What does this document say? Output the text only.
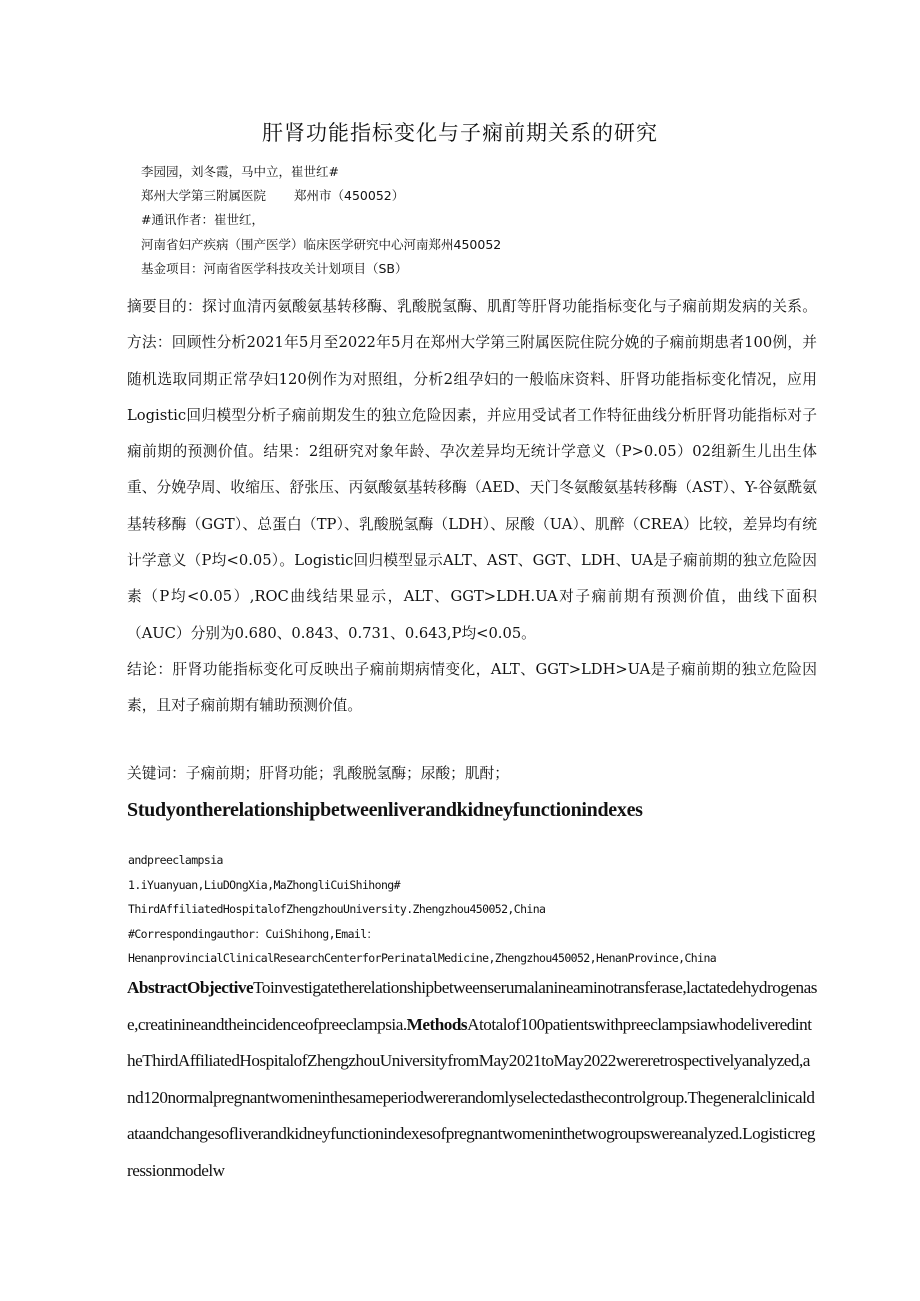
肝肾功能指标变化与子痫前期关系的研究
李园园，刘冬霞，马中立，崔世红#
郑州大学第三附属医院 郑州市（450052）
#通讯作者：崔世红，
河南省妇产疾病（围产医学）临床医学研究中心河南郑州450052
基金项目：河南省医学科技攻关计划项目（SB）

摘要目的：探讨血清丙氨酸氨基转移酶、乳酸脱氢酶、肌酊等肝肾功能指标变化与子痫前期发病的关系。方法：回顾性分析2021年5月至2022年5月在郑州大学第三附属医院住院分娩的子痫前期患者100例，并随机选取同期正常孕妇120例作为对照组，分析2组孕妇的一般临床资料、肝肾功能指标变化情况，应用Logistic回归模型分析子痫前期发生的独立危险因素，并应用受试者工作特征曲线分析肝肾功能指标对子痫前期的预测价值。结果：2组研究对象年龄、孕次差异均无统计学意义（P>0.05）02组新生儿出生体重、分娩孕周、收缩压、舒张压、丙氨酸氨基转移酶（AED、天门冬氨酸氨基转移酶（AST）、Y-谷氨酰氨基转移酶（GGT）、总蛋白（TP）、乳酸脱氢酶（LDH）、尿酸（UA）、肌醉（CREA）比较，差异均有统计学意义（P均<0.05）。Logistic回归模型显示ALT、AST、GGT、LDH、UA是子痫前期的独立危险因素（P均<0.05）,ROC曲线结果显示，ALT、GGT>LDH.UA对子痫前期有预测价值，曲线下面积（AUC）分别为0.680、0.843、0.731、0.643,P均<0.05。

结论：肝肾功能指标变化可反映出子痫前期病情变化，ALT、GGT>LDH>UA是子痫前期的独立危险因素，且对子痫前期有辅助预测价值。

关键词：子痫前期；肝肾功能；乳酸脱氢酶；尿酸；肌酎；
Studyontherelationshipbetweenliverandkidneyfunctionindexes
andpreeclampsia
1.iYuanyuan,LiuDOngXia,MaZhongliCuiShihong#
ThirdAffiliatedHospitalofZhengzhouUniversity.Zhengzhou450052,China
#Correspondingauthor：CuiShihong,Email：
HenanprovincialClinicalResearchCenterforPerinatalMedicine,Zhengzhou450052,HenanProvince,China
AbstractObjectiveToinvestigatetherelationshipbetweenserumalanineaminotransferase,lactatedehydrogenase,creatinineandtheincidenceofpreeclampsia.MethodsAtotalof100patientswithpreeclampsiawhodeliveredintheThirdAffiliatedHospitalofZhengzhouUniversityfromMay2021toMay2022wereretrospectivelyanalyzed,and120normalpregnantwomeninthesameperiodwererandomlyselectedasthecontrolgroup.Thegeneralclinicaldataandchangesofliverandkidneyfunctionindexesofpregnantwomeninthetwogroupswereanalyzed.Logisticregressionmodelw
